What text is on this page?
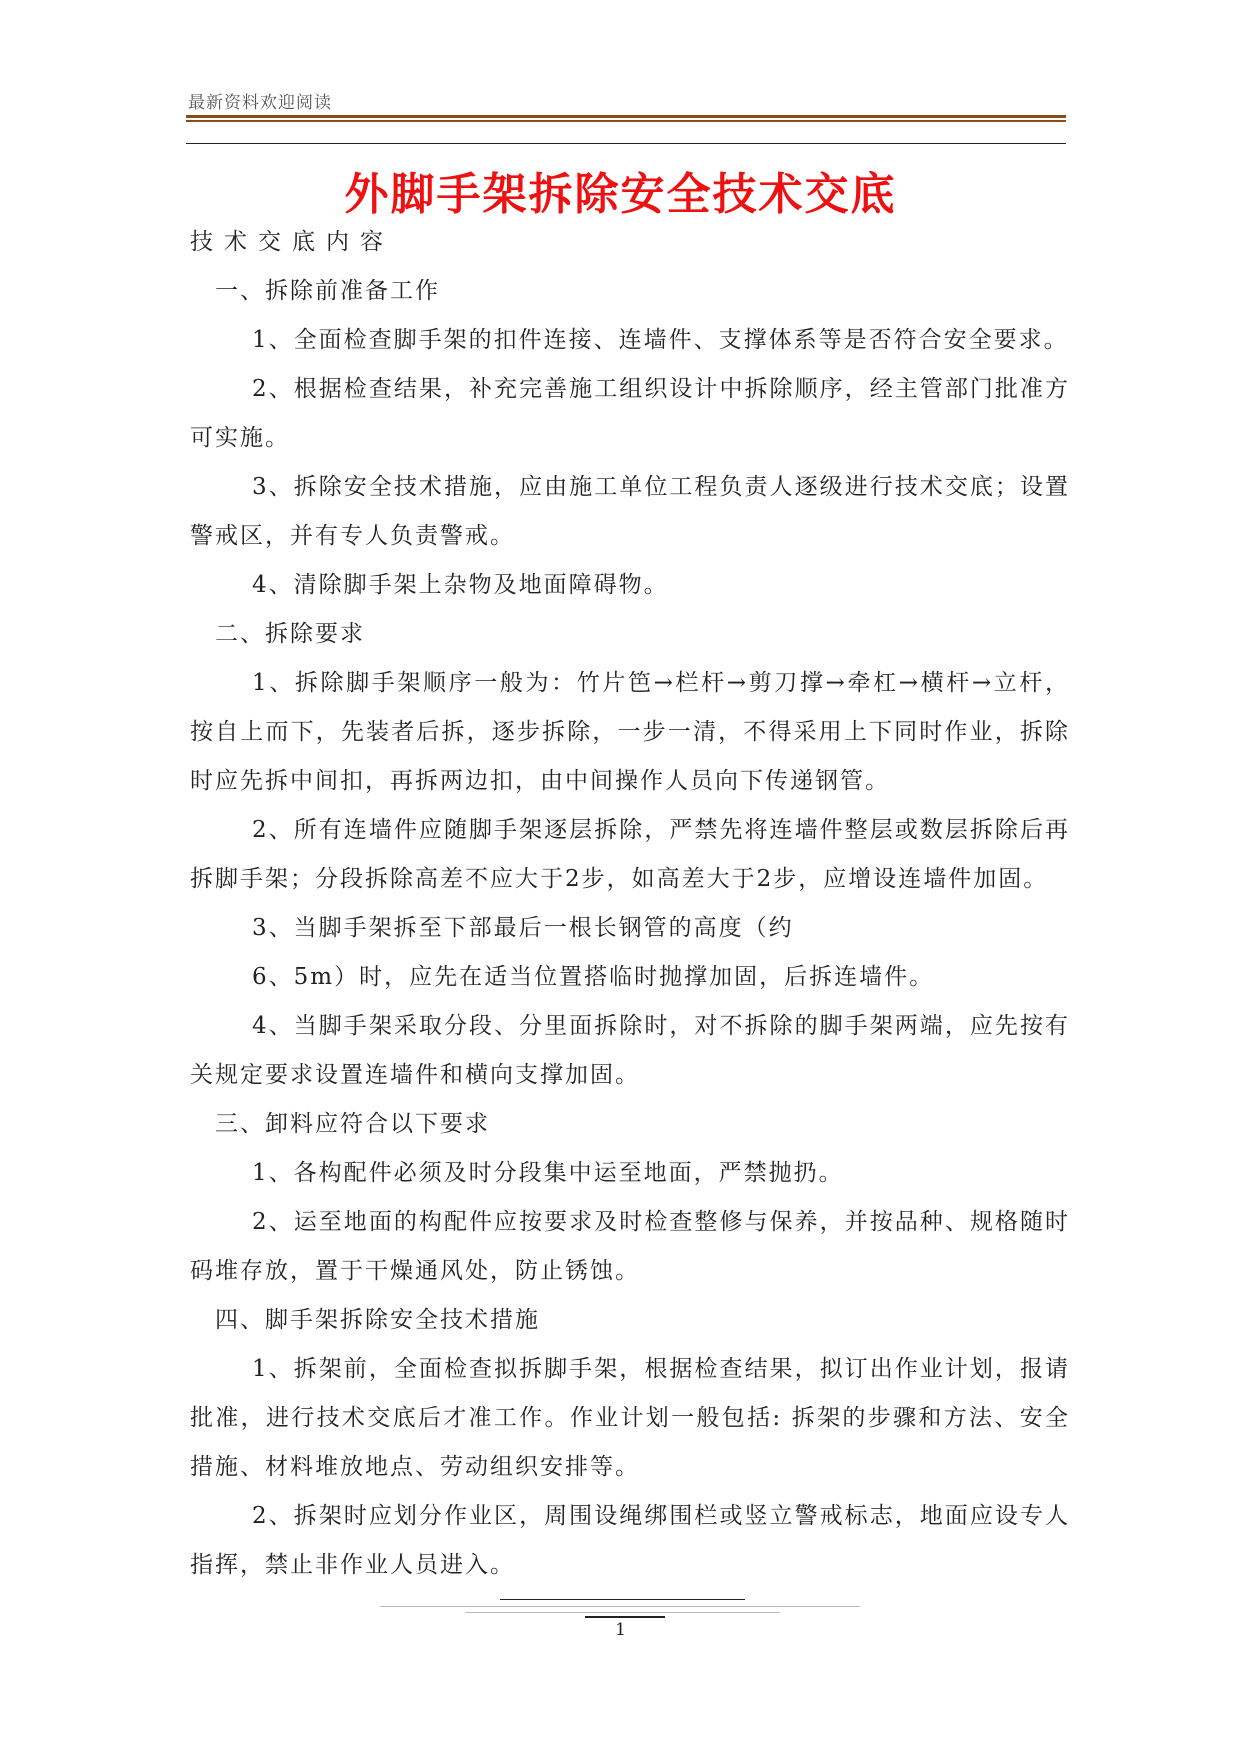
最新资料欢迎阅读
外脚手架拆除安全技术交底

技术交底内容

一、拆除前准备工作

1、全面检查脚手架的扣件连接、连墙件、支撑体系等是否符合安全要求。

2、根据检查结果，补充完善施工组织设计中拆除顺序，经主管部门批准方可实施。

3、拆除安全技术措施，应由施工单位工程负责人逐级进行技术交底；设置警戒区，并有专人负责警戒。

4、清除脚手架上杂物及地面障碍物。

二、拆除要求

1、拆除脚手架顺序一般为：竹片笆→栏杆→剪刀撑→牵杠→横杆→立杆，按自上而下，先装者后拆，逐步拆除，一步一清，不得采用上下同时作业，拆除时应先拆中间扣，再拆两边扣，由中间操作人员向下传递钢管。

2、所有连墙件应随脚手架逐层拆除，严禁先将连墙件整层或数层拆除后再拆脚手架；分段拆除高差不应大于2步，如高差大于2步，应增设连墙件加固。

3、当脚手架拆至下部最后一根长钢管的高度（约

6、5m）时，应先在适当位置搭临时抛撑加固，后拆连墙件。

4、当脚手架采取分段、分里面拆除时，对不拆除的脚手架两端，应先按有关规定要求设置连墙件和横向支撑加固。

三、卸料应符合以下要求

1、各构配件必须及时分段集中运至地面，严禁抛扔。

2、运至地面的构配件应按要求及时检查整修与保养，并按品种、规格随时码堆存放，置于干燥通风处，防止锈蚀。

四、脚手架拆除安全技术措施

1、拆架前，全面检查拟拆脚手架，根据检查结果，拟订出作业计划，报请批准，进行技术交底后才准工作。作业计划一般包括: 拆架的步骤和方法、安全措施、材料堆放地点、劳动组织安排等。

2、拆架时应划分作业区，周围设绳绑围栏或竖立警戒标志，地面应设专人指挥，禁止非作业人员进入。

1
